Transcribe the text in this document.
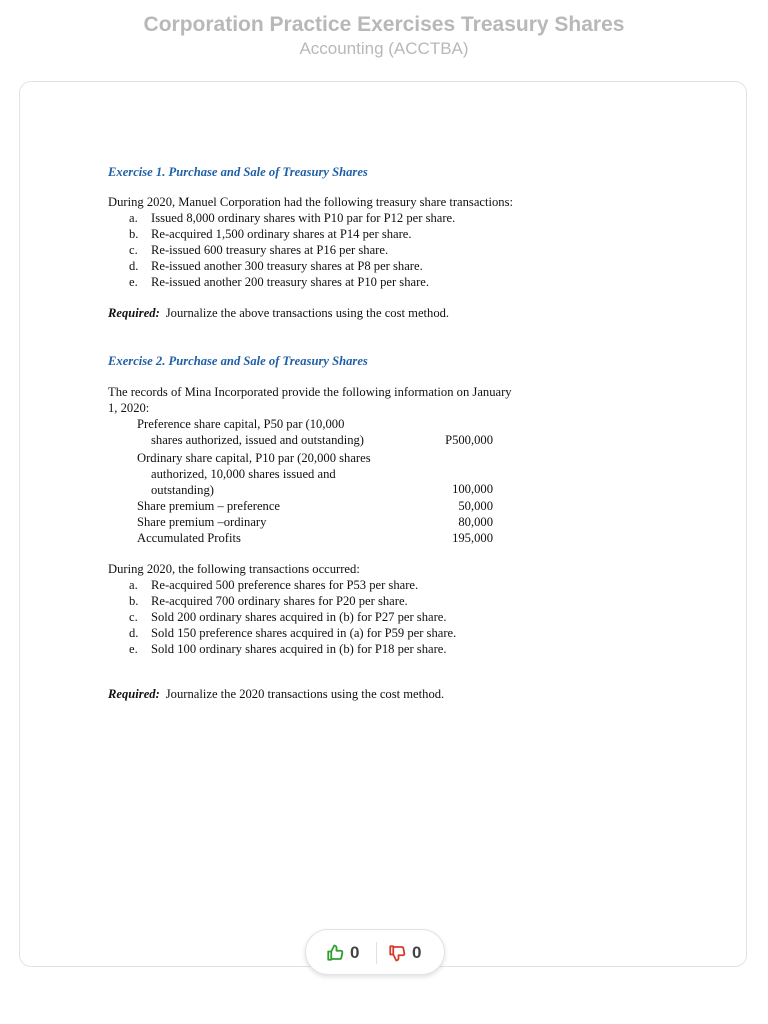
Corporation Practice Exercises Treasury Shares
Accounting (ACCTBA)
Exercise 1. Purchase and Sale of Treasury Shares

During 2020, Manuel Corporation had the following treasury share transactions:

a.	Issued 8,000 ordinary shares with P10 par for P12 per share.
b. Re-acquired 1,500 ordinary shares at P14 per share.
c.	Re-issued 600 treasury shares at P16 per share.
d. Re-issued another 300 treasury shares at P8 per share.
e.	Re-issued another 200 treasury shares at P10 per share.

Required: Journalize the above transactions using the cost method.

Exercise 2. Purchase and Sale of Treasury Shares

The records of Mina Incorporated provide the following information on January
1, 2020:

Preference share capital, P50 par (10,000
shares authorized, issued and outstanding)	P500,000
Ordinary share capital, P10 par (20,000 shares
authorized, 10,000 shares issued and
outstanding)	100,000
Share premium – preference	50,000
Share premium –ordinary	80,000
Accumulated Profits	195,000

During 2020, the following transactions occurred:

a.	Re-acquired 500 preference shares for P53 per share.
b. Re-acquired 700 ordinary shares for P20 per share.
c.	Sold 200 ordinary shares acquired in (b) for P27 per share.
d. Sold 150 preference shares acquired in (a) for P59 per share.
e.	Sold 100 ordinary shares acquired in (b) for P18 per share.

Required: Journalize the 2020 transactions using the cost method.

0	0
